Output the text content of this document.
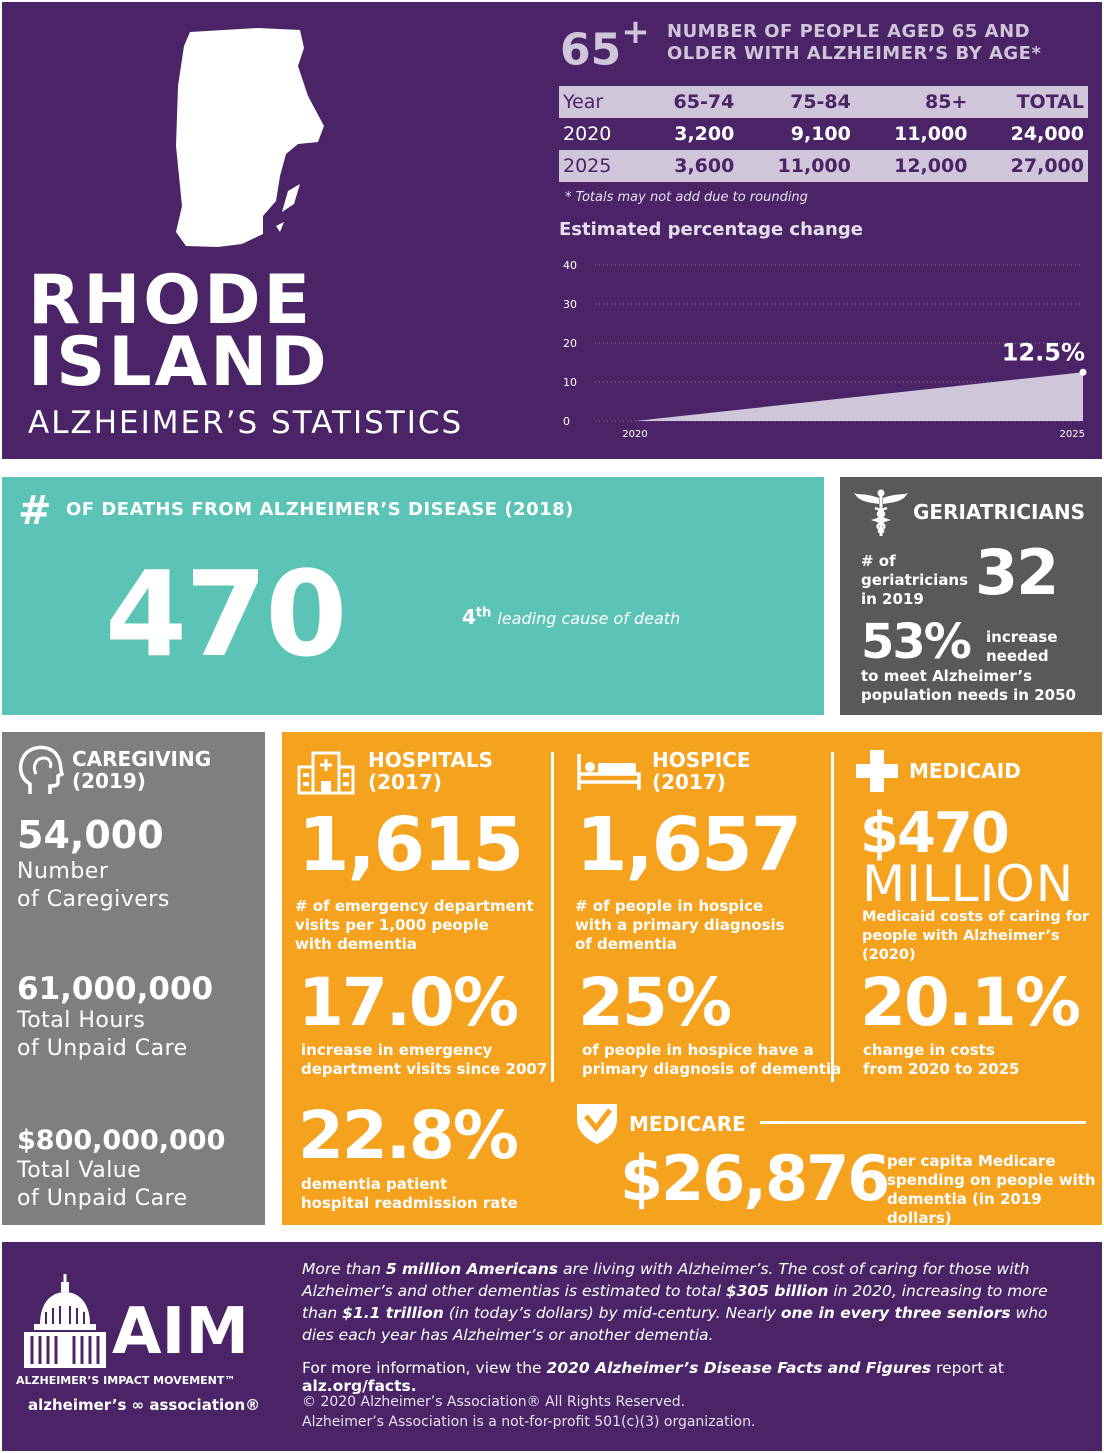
RHODE
ISLAND
ALZHEIMER’S STATISTICS
65+ NUMBER OF PEOPLE AGED 65 AND
OLDER WITH ALZHEIMER’S BY AGE*
Year	65-74	75-84	85+	TOTAL
2020	3,200	9,100	11,000	24,000
2025	3,600	11,000	12,000	27,000
* Totals may not add due to rounding
Estimated percentage change
0
10
20
30
40
12.5%
2020	2025
# OF DEATHS FROM ALZHEIMER’S DISEASE (2018)
470	4th leading cause of death
GERIATRICIANS
# of
geriatricians
in 2019 32
53% increase
needed
to meet Alzheimer’s
population needs in 2050
CAREGIVING
(2019)
54,000
Number
of Caregivers
61,000,000
Total Hours
of Unpaid Care
$800,000,000
Total Value
of Unpaid Care
HOSPITALS
(2017)
1,615
# of emergency department
visits per 1,000 people
with dementia
17.0%
increase in emergency
department visits since 2007
22.8%
dementia patient
hospital readmission rate
HOSPICE
(2017)
1,657
# of people in hospice
with a primary diagnosis
of dementia
25%
of people in hospice have a
primary diagnosis of dementia
MEDICAID
$470
MILLION
Medicaid costs of caring for
people with Alzheimer’s (2020)
20.1%
change in costs
from 2020 to 2025
MEDICARE
$26,876
per capita Medicare
spending on people with
dementia (in 2019 dollars)
AIM
ALZHEIMER’S IMPACT MOVEMENT™
alzheimer’s ∞ association®
More than 5 million Americans are living with Alzheimer’s. The cost of caring for those with Alzheimer’s and other dementias is estimated to total $305 billion in 2020, increasing to more than $1.1 trillion (in today’s dollars) by mid-century. Nearly one in every three seniors who dies each year has Alzheimer’s or another dementia.
For more information, view the 2020 Alzheimer’s Disease Facts and Figures report at alz.org/facts.
© 2020 Alzheimer’s Association® All Rights Reserved.
Alzheimer’s Association is a not-for-profit 501(c)(3) organization.
